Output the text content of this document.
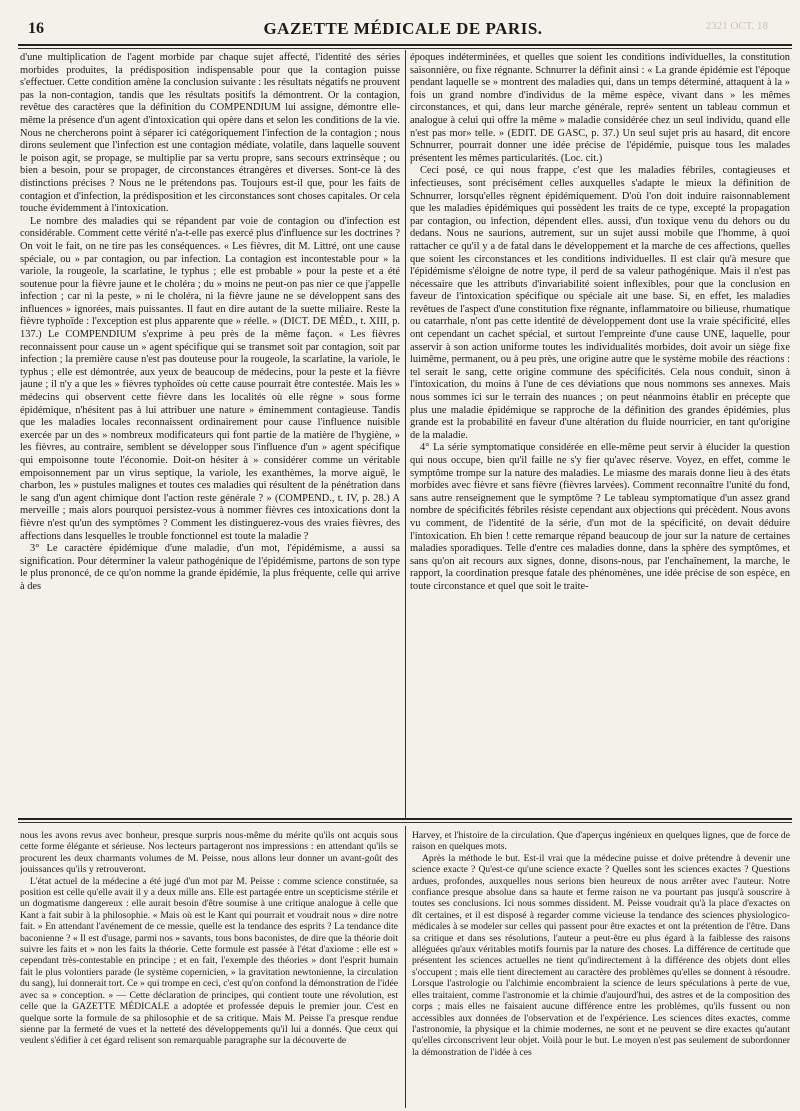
16	GAZETTE MÉDICALE DE PARIS.	2321 OCT. 18

d'une multiplication de l'agent morbide par chaque sujet affecté, l'identité des séries morbides produites, la prédisposition indispensable pour que la contagion puisse s'effectuer. Cette condition amène la conclusion suivante : les résultats négatifs ne prouvent pas la non-contagion, tandis que les résultats positifs la démontrent. Or la contagion, revêtue des caractères que la définition du COMPENDIUM lui assigne, démontre elle-même la présence d'un agent d'intoxication qui opère dans et selon les conditions de la vie. Nous ne chercherons point à séparer ici catégoriquement l'infection de la contagion ; nous dirons seulement que l'infection est une contagion médiate, volatile, dans laquelle souvent le poison agit, se propage, se multiplie par sa vertu propre, sans secours extrinsèque ; ou bien a besoin, pour se propager, de circonstances étrangères et diverses. Sont-ce là des distinctions précises ? Nous ne le prétendons pas. Toujours est-il que, pour les faits de contagion et d'infection, la prédisposition et les circonstances sont choses capitales. Or cela touche évidemment à l'intoxication.

Le nombre des maladies qui se répandent par voie de contagion ou d'infection est considérable. Comment cette vérité n'a-t-elle pas exercé plus d'influence sur les doctrines ? On voit le fait, on ne tire pas les conséquences. « Les fièvres, dit M. Littré, ont une cause spéciale, ou » par contagion, ou par infection. La contagion est incontestable pour » la variole, la rougeole, la scarlatine, le typhus ; elle est probable » pour la peste et a été soutenue pour la fièvre jaune et le choléra ; du » moins ne peut-on pas nier ce que j'appelle infection ; car ni la peste, » ni le choléra, ni la fièvre jaune ne se développent sans des influences » ignorées, mais puissantes. Il faut en dire autant de la suette miliaire. Reste la fièvre typhoïde : l'exception est plus apparente que » réelle. » (DICT. DE MÉD., t. XIII, p. 137.) Le COMPENDIUM s'exprime à peu près de la même façon. « Les fièvres reconnaissent pour cause un » agent spécifique qui se transmet soit par contagion, soit par infection ; la première cause n'est pas douteuse pour la rougeole, la scarlatine, la variole, le typhus ; elle est démontrée, aux yeux de beaucoup de médecins, pour la peste et la fièvre jaune ; il n'y a que les » fièvres typhoïdes où cette cause pourrait être contestée. Mais les » médecins qui observent cette fièvre dans les localités où elle règne » sous forme épidémique, n'hésitent pas à lui attribuer une nature » éminemment contagieuse. Tandis que les maladies locales reconnaissent ordinairement pour cause l'influence nuisible exercée par un des » nombreux modificateurs qui font partie de la matière de l'hygiène, » les fièvres, au contraire, semblent se développer sous l'influence d'un » agent spécifique qui empoisonne toute l'économie. Doit-on hésiter à » considérer comme un véritable empoisonnement par un virus septique, la variole, les exanthèmes, la morve aiguë, le charbon, les » pustules malignes et toutes ces maladies qui résultent de la pénétration dans le sang d'un agent chimique dont l'action reste générale ? » (COMPEND., t. IV, p. 28.) A merveille ; mais alors pourquoi persistez-vous à nommer fièvres ces intoxications dont la fièvre n'est qu'un des symptômes ? Comment les distinguerez-vous des vraies fièvres, des affections dans lesquelles le trouble fonctionnel est toute la maladie ?

3° Le caractère épidémique d'une maladie, d'un mot, l'épidémisme, a aussi sa signification. Pour déterminer la valeur pathogénique de l'épidémisme, partons de son type le plus prononcé, de ce qu'on nomme la grande épidémie, la plus fréquente, celle qui arrive à des

époques indéterminées, et quelles que soient les conditions individuelles, la constitution saisonnière, ou fixe régnante. Schnurrer la définit ainsi : « La grande épidémie est l'époque pendant laquelle se » montrent des maladies qui, dans un temps déterminé, attaquent à la » fois un grand nombre d'individus de la même espèce, vivant dans » les mêmes circonstances, et qui, dans leur marche générale, repré» sentent un tableau commun et analogue à celui qui offre la même » maladie considérée chez un seul individu, quand elle n'est pas mor» telle. » (EDIT. DE GASC, p. 37.) Un seul sujet pris au hasard, dit encore Schnurrer, pourrait donner une idée précise de l'épidémie, puisque tous les malades présentent les mêmes particularités. (Loc. cit.)

Ceci posé, ce qui nous frappe, c'est que les maladies fébriles, contagieuses et infectieuses, sont précisément celles auxquelles s'adapte le mieux la définition de Schnurrer, lorsqu'elles règnent épidémiquement. D'où l'on doit induire raisonnablement que les maladies épidémiques qui possèdent les traits de ce type, excepté la propagation par contagion, ou infection, dépendent elles. aussi, d'un toxique venu du dehors ou du dedans. Nous ne saurions, autrement, sur un sujet aussi mobile que l'homme, à quoi rattacher ce qu'il y a de fatal dans le développement et la marche de ces affections, quelles que soient les circonstances et les conditions individuelles. Il est clair qu'à mesure que l'épidémisme s'éloigne de notre type, il perd de sa valeur pathogénique. Mais il n'est pas nécessaire que les attributs d'invariabilité soient inflexibles, pour que la conclusion en faveur de l'intoxication spécifique ou spéciale ait une base. Si, en effet, les maladies revêtues de l'aspect d'une constitution fixe régnante, inflammatoire ou bilieuse, rhumatique ou catarrhale, n'ont pas cette identité de développement dont use la vraie spécificité, elles ont cependant un cachet spécial, et surtout l'empreinte d'une cause UNE, laquelle, pour asservir à son action uniforme toutes les individualités morbides, doit avoir un siège fixe luimême, permanent, ou à peu près, une origine autre que le système mobile des réactions : tel serait le sang, cette origine commune des spécificités. Cela nous conduit, sinon à l'intoxication, du moins à l'une de ces déviations que nous nommons ses annexes. Mais nous sommes ici sur le terrain des nuances ; on peut néanmoins établir en précepte que plus une maladie épidémique se rapproche de la définition des grandes épidémies, plus grande est la probabilité en faveur d'une altération du fluide nourricier, en tant qu'origine de la maladie.

4° La série symptomatique considérée en elle-même peut servir à élucider la question qui nous occupe, bien qu'il faille ne s'y fier qu'avec réserve. Voyez, en effet, comme le symptôme trompe sur la nature des maladies. Le miasme des marais donne lieu à des états morbides avec fièvre et sans fièvre (fièvres larvées). Comment reconnaître l'unité du fond, sans autre renseignement que le symptôme ? Le tableau symptomatique d'un assez grand nombre de spécificités fébriles résiste cependant aux objections qui précèdent. Nous avons vu comment, de l'identité de la série, d'un mot de la spécificité, on devait déduire l'intoxication. Eh bien ! cette remarque répand beaucoup de jour sur la nature de certaines maladies sporadiques. Telle d'entre ces maladies donne, dans la sphère des symptômes, et sans qu'on ait recours aux signes, donne, disons-nous, par l'enchaînement, la marche, le rapport, la coordination presque fatale des phénomènes, une idée précise de son espèce, en toute circonstance et quel que soit le traite-

nous les avons revus avec bonheur, presque surpris nous-même du mérite qu'ils ont acquis sous cette forme élégante et sérieuse. Nos lecteurs partageront nos impressions : en attendant qu'ils se procurent les deux charmants volumes de M. Peisse, nous allons leur donner un avant-goût des jouissances qu'ils y retrouveront.

L'état actuel de la médecine a été jugé d'un mot par M. Peisse : comme science constituée, sa position est celle qu'elle avait il y a deux mille ans. Elle est partagée entre un scepticisme stérile et un dogmatisme dangereux : elle aurait besoin d'être soumise à une critique analogue à celle que Kant a fait subir à la philosophie. « Mais où est le Kant qui pourrait et voudrait nous » dire notre fait. » En attendant l'avénement de ce messie, quelle est la tendance des esprits ? La tendance dite baconienne ? « Il est d'usage, parmi nos » savants, tous bons baconistes, de dire que la théorie doit suivre les faits et » non les faits la théorie. Cette formule est passée à l'état d'axiome : elle est » cependant très-contestable en principe ; et en fait, l'exemple des théories » dont l'esprit humain fait le plus volontiers parade (le système copernicien, » la gravitation newtonienne, la circulation du sang), lui donnerait tort. Ce » qui trompe en ceci, c'est qu'on confond la démonstration de l'idée avec sa » conception. » — Cette déclaration de principes, qui contient toute une révolution, est celle que la GAZETTE MÉDICALE a adoptée et professée depuis le premier jour. C'est en quelque sorte la formule de sa philosophie et de sa critique. Mais M. Peisse l'a presque rendue sienne par la fermeté de vues et la netteté des développements qu'il lui a donnés. Que ceux qui veulent s'édifier à cet égard relisent son remarquable paragraphe sur la découverte de

Harvey, et l'histoire de la circulation. Que d'aperçus ingénieux en quelques lignes, que de force de raison en quelques mots.

Après la méthode le but. Est-il vrai que la médecine puisse et doive prétendre à devenir une science exacte ? Qu'est-ce qu'une science exacte ? Quelles sont les sciences exactes ? Questions ardues, profondes, auxquelles nous serions bien heureux de nous arrêter avec l'auteur. Notre confiance presque absolue dans sa haute et ferme raison ne va pourtant pas jusqu'à souscrire à toutes ses conclusions. Ici nous sommes dissident. M. Peisse voudrait qu'à la place d'exactes on dît certaines, et il est disposé à regarder comme vicieuse la tendance des sciences physiologico-médicales à se modeler sur celles qui passent pour être exactes et ont la prétention de l'être. Dans sa critique et dans ses résolutions, l'auteur a peut-être eu plus égard à la faiblesse des raisons alléguées qu'aux véritables motifs fournis par la nature des choses. La différence de certitude que présentent les sciences actuelles ne tient qu'indirectement à la différence des objets dont elles s'occupent ; mais elle tient directement au caractère des problèmes qu'elles se donnent à résoudre. Lorsque l'astrologie ou l'alchimie encombraient la science de leurs spéculations à perte de vue, elles traitaient, comme l'astronomie et la chimie d'aujourd'hui, des astres et de la composition des corps ; mais elles ne faisaient aucune différence entre les problèmes, qu'ils fussent ou non accessibles aux données de l'observation et de l'expérience. Les sciences dites exactes, comme l'astronomie, la physique et la chimie modernes, ne sont et ne peuvent se dire exactes qu'autant qu'elles circonscrivent leur objet. Voilà pour le but. Le moyen n'est pas seulement de subordonner la démonstration de l'idée à ces
